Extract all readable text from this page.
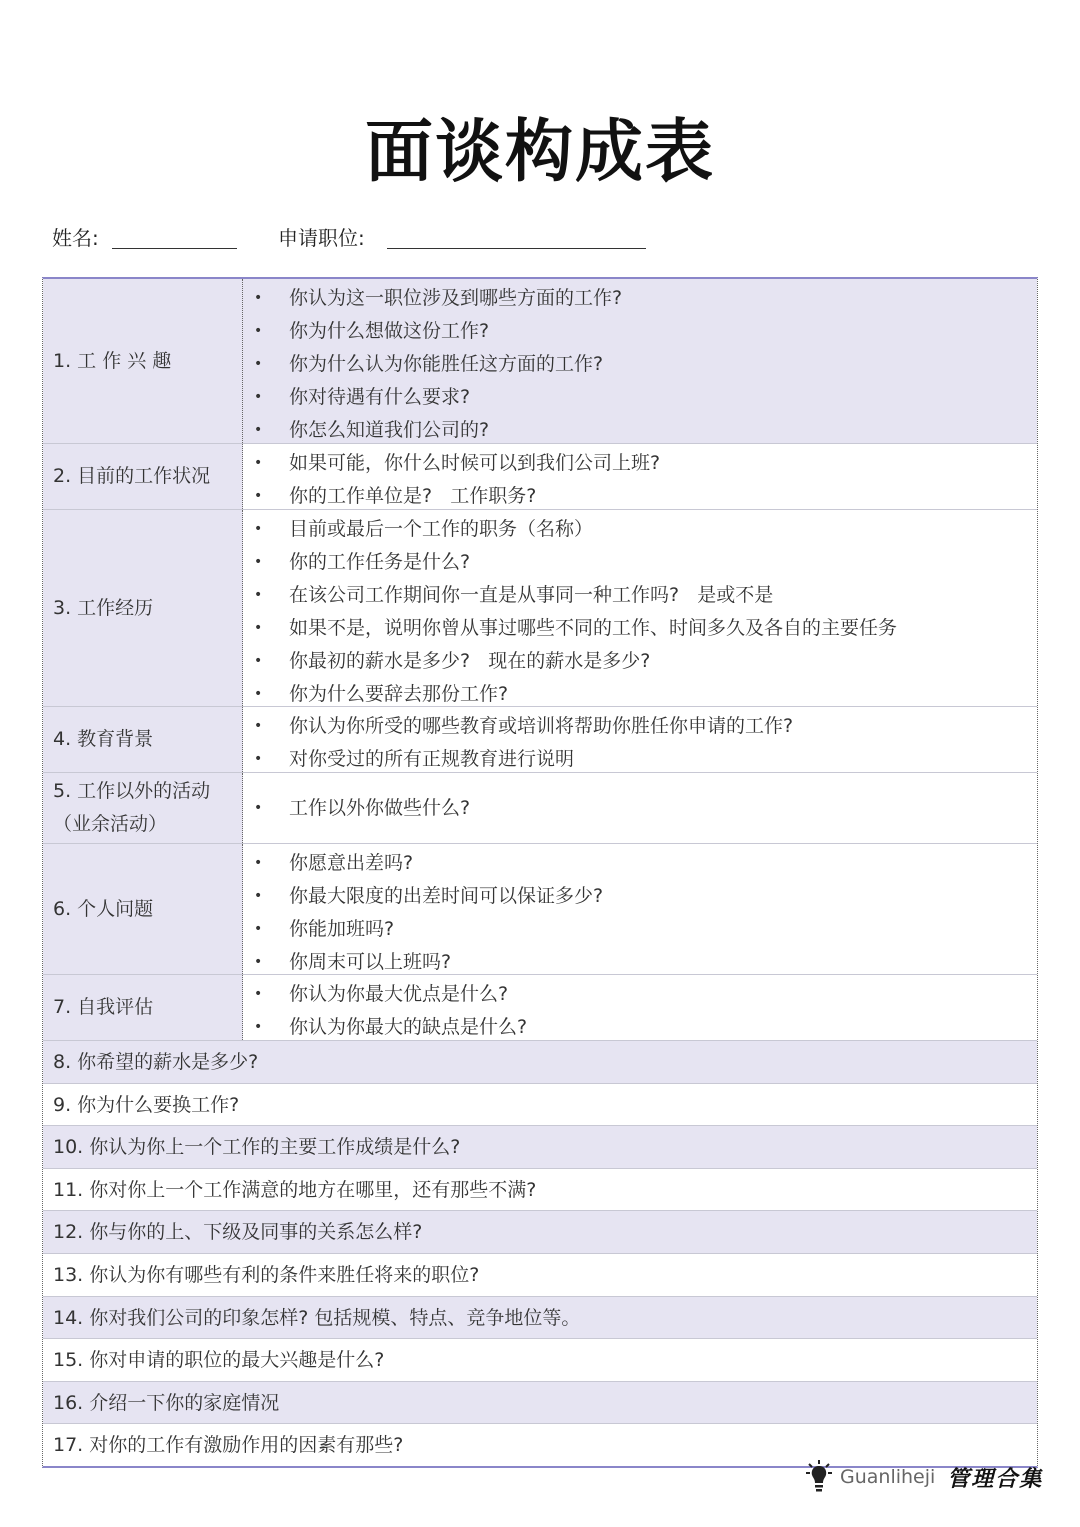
面谈构成表
姓名:	申请职位:
1. 工 作 兴 趣
•	你认为这一职位涉及到哪些方面的工作?
•	你为什么想做这份工作?
•	你为什么认为你能胜任这方面的工作?
•	你对待遇有什么要求?
•	你怎么知道我们公司的?
2. 目前的工作状况
•	如果可能，你什么时候可以到我们公司上班?
•	你的工作单位是?   工作职务?
3. 工作经历
•	目前或最后一个工作的职务（名称）
•	你的工作任务是什么?
•	在该公司工作期间你一直是从事同一种工作吗?   是或不是
•	如果不是，说明你曾从事过哪些不同的工作、时间多久及各自的主要任务
•	你最初的薪水是多少?   现在的薪水是多少?
•	你为什么要辞去那份工作?
4. 教育背景
•	你认为你所受的哪些教育或培训将帮助你胜任你申请的工作?
•	对你受过的所有正规教育进行说明
5. 工作以外的活动
（业余活动）
•	工作以外你做些什么?
6. 个人问题
•	你愿意出差吗?
•	你最大限度的出差时间可以保证多少?
•	你能加班吗?
•	你周末可以上班吗?
7. 自我评估
•	你认为你最大优点是什么?
•	你认为你最大的缺点是什么?
8. 你希望的薪水是多少?
9. 你为什么要换工作?
10. 你认为你上一个工作的主要工作成绩是什么?
11. 你对你上一个工作满意的地方在哪里，还有那些不满?
12. 你与你的上、下级及同事的关系怎么样?
13. 你认为你有哪些有利的条件来胜任将来的职位?
14. 你对我们公司的印象怎样? 包括规模、特点、竞争地位等。
15. 你对申请的职位的最大兴趣是什么?
16. 介绍一下你的家庭情况
17. 对你的工作有激励作用的因素有那些?
Guanliheji 管理合集
